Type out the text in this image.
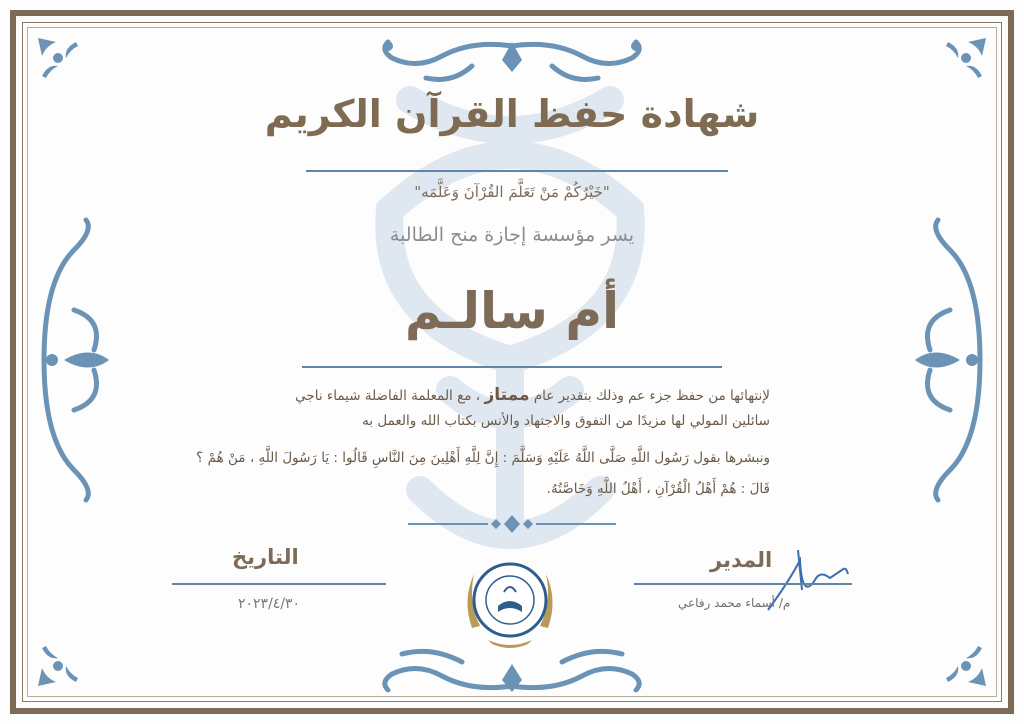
شهادة حفظ القرآن الكريم
"خَيْرُكُمْ مَنْ تَعَلَّمَ القُرْآنَ وَعَلَّمَه"
يسر مؤسسة إجازة منح الطالبة
أم سالـم
لإنتهائها من حفظ جزء عم وذلك بتقدير عام ممتاز ، مع المعلمة الفاضلة شيماء ناجي
سائلين المولي لها مزيدًا من التفوق والاجتهاد والأنس بكتاب الله والعمل به
ونبشرها بقول رَسُول اللَّهِ صَلَّى اللَّهُ عَلَيْهِ وَسَلَّمَ : إِنَّ لِلَّهِ أَهْلِينَ مِنَ النَّاسِ قَالُوا : يَا رَسُولَ اللَّهِ ، مَنْ هُمْ ؟
قَالَ : هُمْ أَهْلُ الْقُرْآنِ ، أَهْلُ اللَّهِ وَخَاصَّتُهُ.
التاريخ
٢٠٢٣/٤/٣٠
المدير
م/ أسماء محمد رفاعي
